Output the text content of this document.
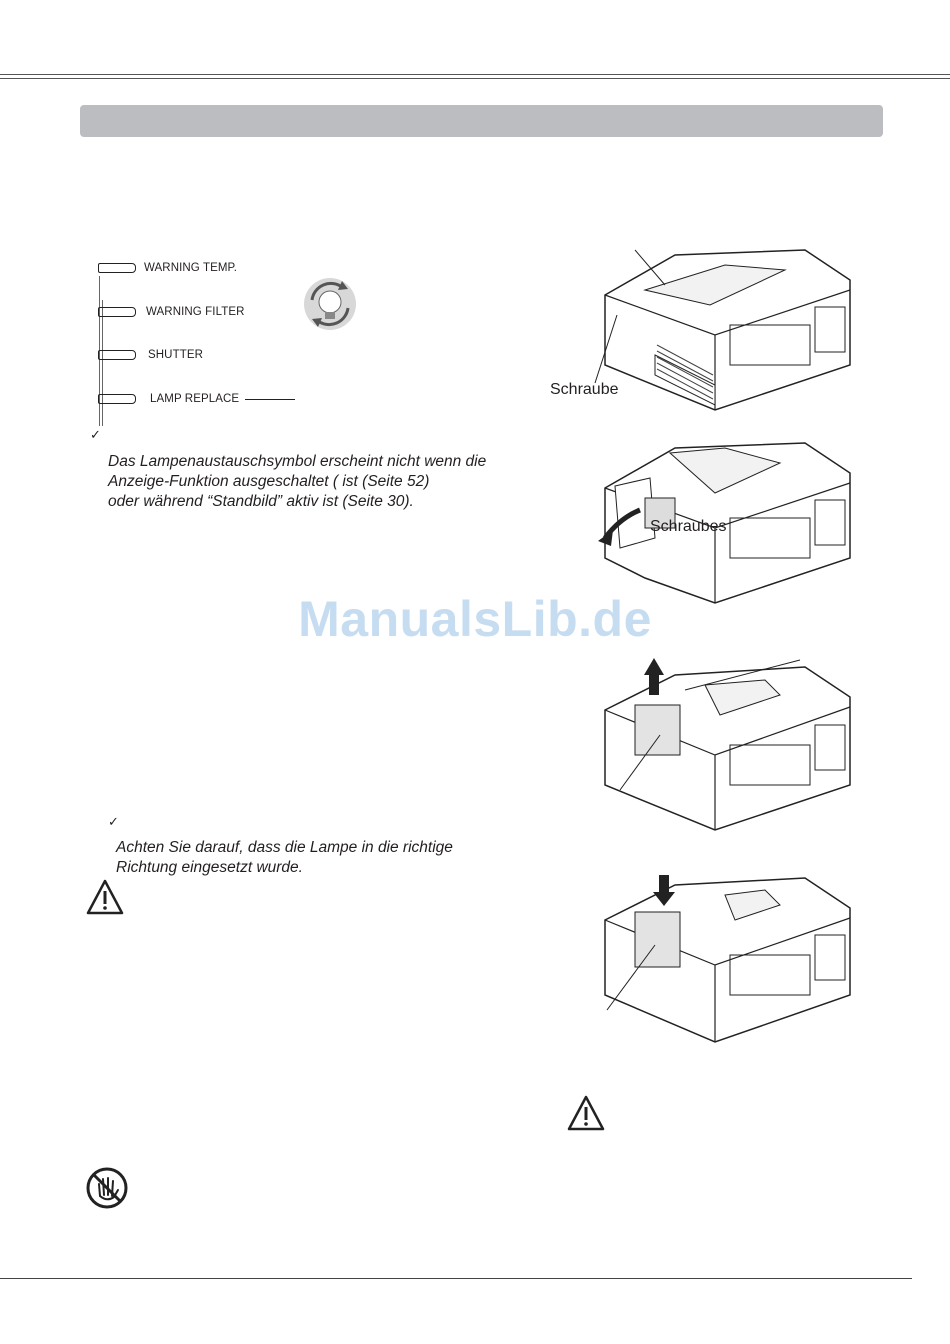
WARNING TEMP.
WARNING FILTER
SHUTTER
LAMP REPLACE
✓
Das Lampenaustauschsymbol erscheint nicht wenn die
Anzeige-Funktion ausgeschaltet ( ist (Seite 52)
oder während “Standbild” aktiv ist (Seite 30).
ManualsLib.de
✓
Achten Sie darauf, dass die Lampe in die richtige
Richtung eingesetzt wurde.
Schraube
Schraubes
